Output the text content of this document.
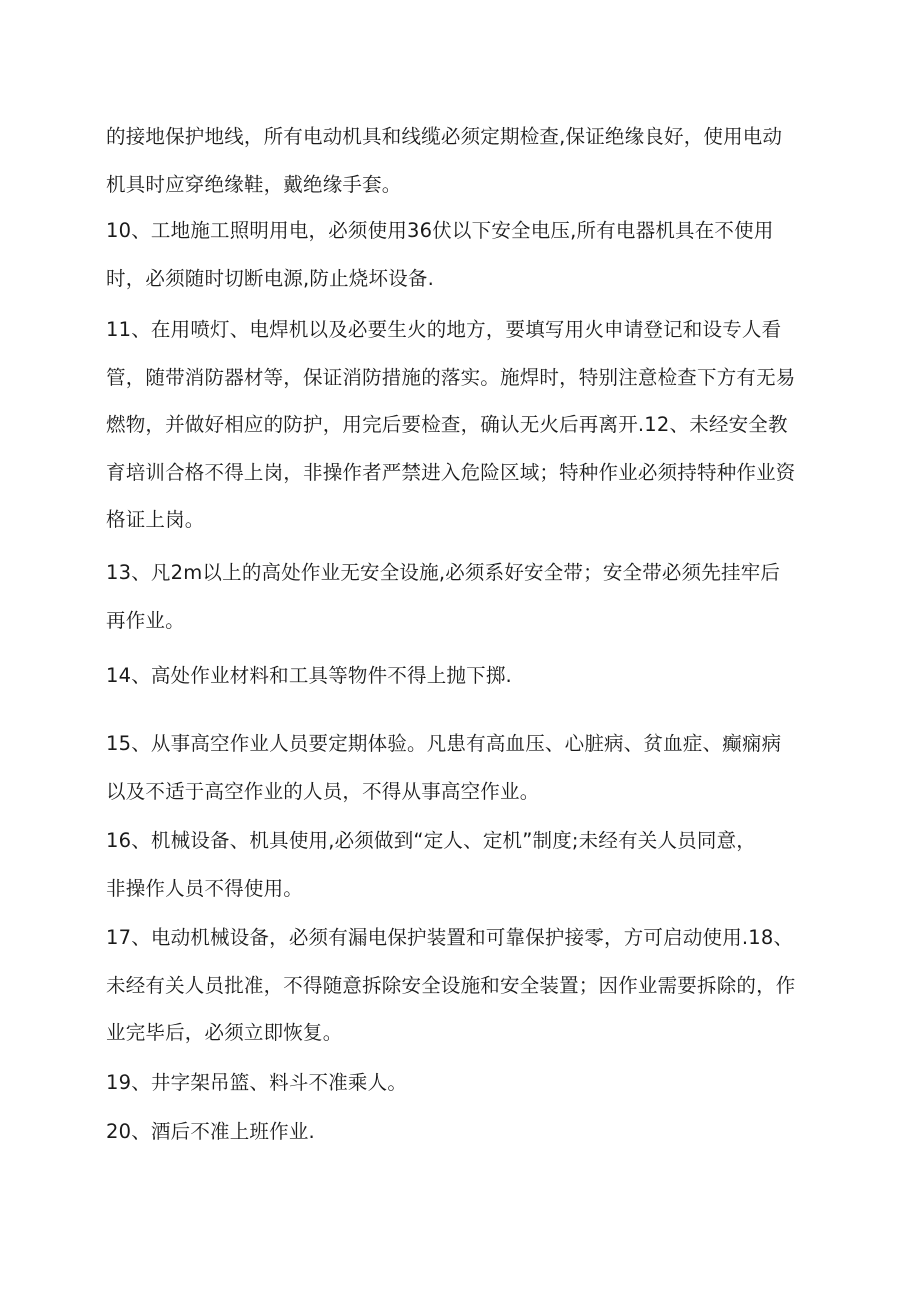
的接地保护地线，所有电动机具和线缆必须定期检查,保证绝缘良好，使用电动
机具时应穿绝缘鞋，戴绝缘手套。
10、工地施工照明用电，必须使用36伏以下安全电压,所有电器机具在不使用
时，必须随时切断电源,防止烧坏设备.
11、在用喷灯、电焊机以及必要生火的地方，要填写用火申请登记和设专人看
管，随带消防器材等，保证消防措施的落实。施焊时，特别注意检查下方有无易
燃物，并做好相应的防护，用完后要检查，确认无火后再离开.12、未经安全教
育培训合格不得上岗，非操作者严禁进入危险区域；特种作业必须持特种作业资
格证上岗。
13、凡2m以上的高处作业无安全设施,必须系好安全带；安全带必须先挂牢后
再作业。
14、高处作业材料和工具等物件不得上抛下掷.
15、从事高空作业人员要定期体验。凡患有高血压、心脏病、贫血症、癫痫病
以及不适于高空作业的人员，不得从事高空作业。
16、机械设备、机具使用,必须做到“定人、定机”制度;未经有关人员同意，
非操作人员不得使用。
17、电动机械设备，必须有漏电保护装置和可靠保护接零，方可启动使用.18、
未经有关人员批准，不得随意拆除安全设施和安全装置；因作业需要拆除的，作
业完毕后，必须立即恢复。
19、井字架吊篮、料斗不准乘人。
20、酒后不准上班作业.
